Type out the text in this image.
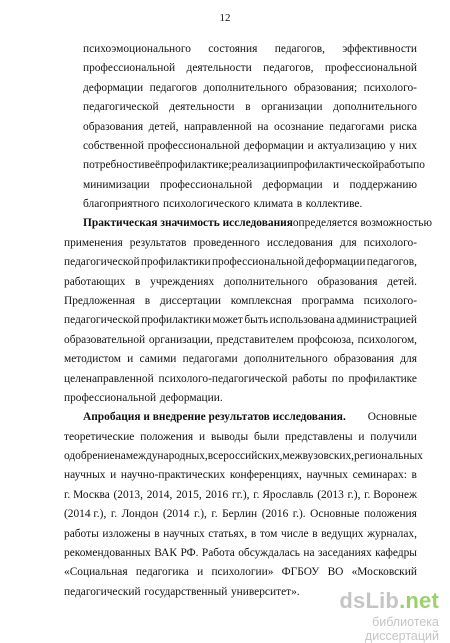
12
психоэмоционального состояния педагогов, эффективности
профессиональной деятельности педагогов, профессиональной
деформации педагогов дополнительного образования; психолого-
педагогической деятельности в организации дополнительного
образования детей, направленной на осознание педагогами риска
собственной профессиональной деформации и актуализацию у них
потребности в её профилактике; реализации профилактической работы по
минимизации профессиональной деформации и поддержанию
благоприятного психологического климата в коллективе.
Практическая значимость исследования определяется возможностью
применения результатов проведенного исследования для психолого-
педагогической профилактики профессиональной деформации педагогов,
работающих в учреждениях дополнительного образования детей.
Предложенная в диссертации комплексная программа психолого-
педагогической профилактики может быть использована администрацией
образовательной организации, представителем профсоюза, психологом,
методистом и самими педагогами дополнительного образования для
целенаправленной психолого-педагогической работы по профилактике
профессиональной деформации.
Апробация и внедрение результатов исследования. Основные
теоретические положения и выводы были представлены и получили
одобрение на международных, всероссийских, межвузовских, региональных
научных и научно-практических конференциях, научных семинарах: в
г. Москва (2013, 2014, 2015, 2016 гг.), г. Ярославль (2013 г.), г. Воронеж
(2014 г.), г. Лондон (2014 г.), г. Берлин (2016 г.). Основные положения
работы изложены в научных статьях, в том числе в ведущих журналах,
рекомендованных ВАК РФ. Работа обсуждалась на заседаниях кафедры
«Социальная педагогика и психологии» ФГБОУ ВО «Московский
педагогический государственный университет». dsLib.net
библиотека диссертаций
